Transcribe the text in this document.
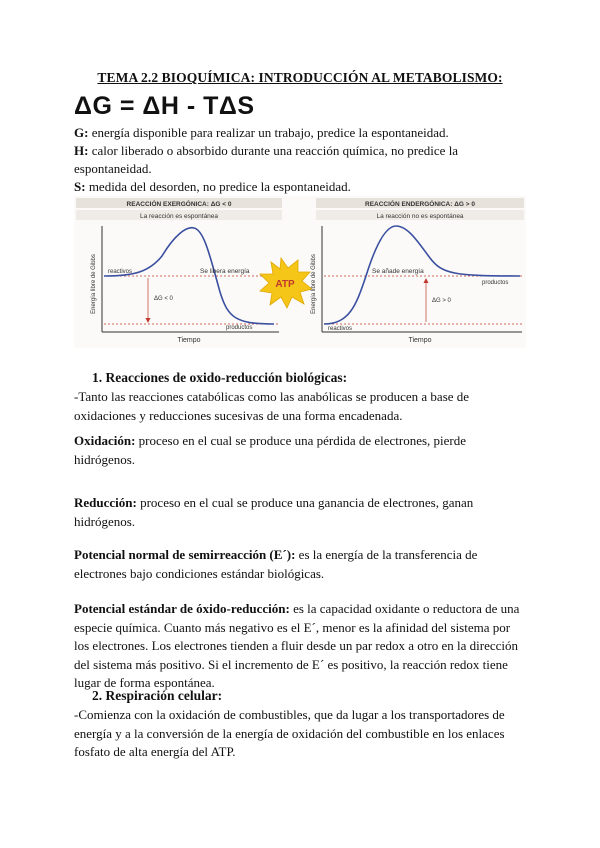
TEMA 2.2 BIOQUÍMICA: INTRODUCCIÓN AL METABOLISMO:
ΔG = ΔH - TΔS

G: energía disponible para realizar un trabajo, predice la espontaneidad.

H: calor liberado o absorbido durante una reacción química, no predice la espontaneidad.

S: medida del desorden, no predice la espontaneidad.

REACCIÓN EXERGÓNICA: ΔG < 0
La reacción es espontánea
Energía libre de Gibbs
Tiempo
reactivos
ΔG < 0
Se libera energía
productos
ATP
REACCIÓN ENDERGÓNICA: ΔG > 0
La reacción no es espontánea
Energía libre de Gibbs
Tiempo
reactivos
ΔG > 0
Se añade energía
productos
1. Reacciones de oxido-reducción biológicas:

-Tanto las reacciones catabólicas como las anabólicas se producen a base de oxidaciones y reducciones sucesivas de una forma encadenada.

Oxidación: proceso en el cual se produce una pérdida de electrones, pierde hidrógenos.

Reducción: proceso en el cual se produce una ganancia de electrones, ganan hidrógenos.

Potencial normal de semirreacción (E´): es la energía de la transferencia de electrones bajo condiciones estándar biológicas.

Potencial estándar de óxido-reducción: es la capacidad oxidante o reductora de una especie química. Cuanto más negativo es el E´, menor es la afinidad del sistema por los electrones. Los electrones tienden a fluir desde un par redox a otro en la dirección del sistema más positivo. Si el incremento de E´ es positivo, la reacción redox tiene lugar de forma espontánea.

2. Respiración celular:

-Comienza con la oxidación de combustibles, que da lugar a los transportadores de energía y a la conversión de la energía de oxidación del combustible en los enlaces fosfato de alta energía del ATP.
